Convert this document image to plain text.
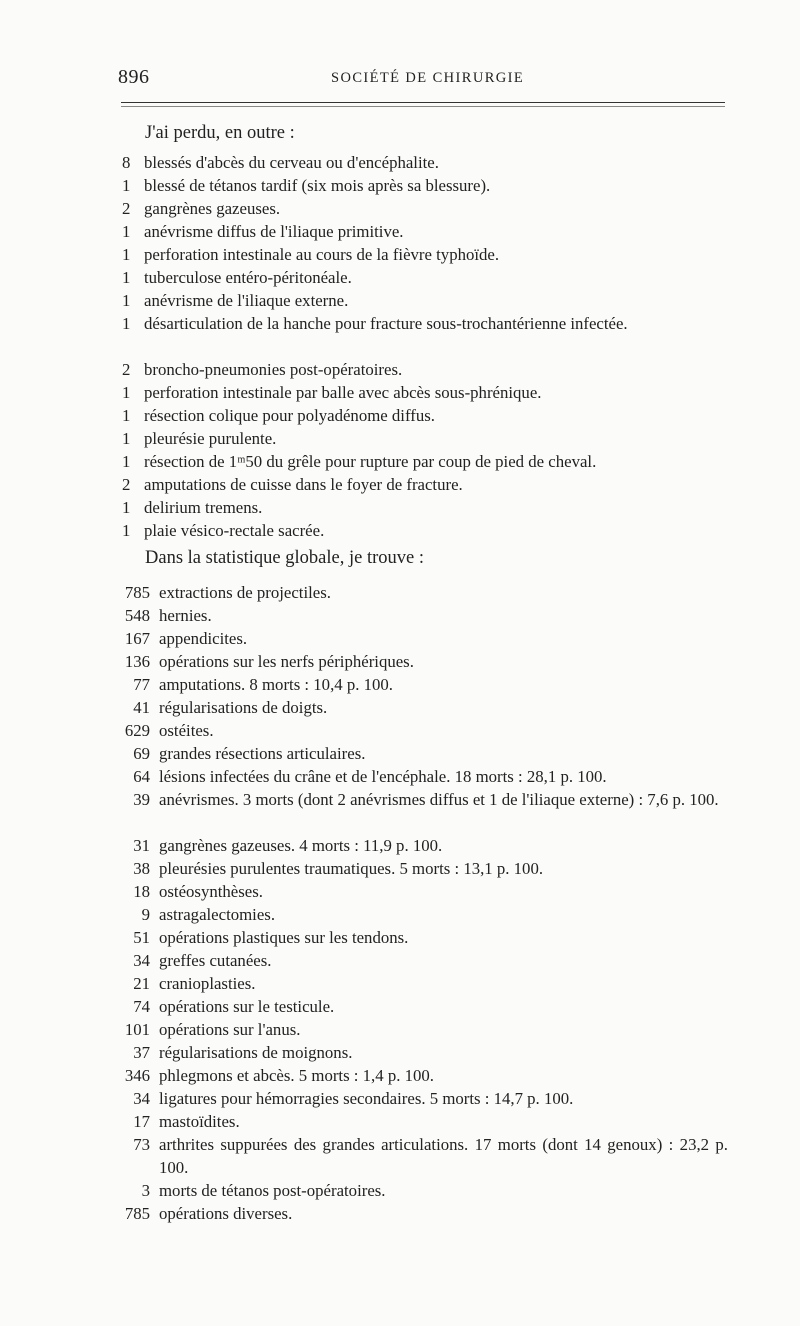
896	SOCIÉTÉ DE CHIRURGIE
J'ai perdu, en outre :
8 blessés d'abcès du cerveau ou d'encéphalite.
1 blessé de tétanos tardif (six mois après sa blessure).
2 gangrènes gazeuses.
1 anévrisme diffus de l'iliaque primitive.
1 perforation intestinale au cours de la fièvre typhoïde.
1 tuberculose entéro-péritonéale.
1 anévrisme de l'iliaque externe.
1 désarticulation de la hanche pour fracture sous-trochantérienne infectée.
2 broncho-pneumonies post-opératoires.
1 perforation intestinale par balle avec abcès sous-phrénique.
1 résection colique pour polyadénome diffus.
1 pleurésie purulente.
1 résection de 1ᵐ50 du grêle pour rupture par coup de pied de cheval.
2 amputations de cuisse dans le foyer de fracture.
1 delirium tremens.
1 plaie vésico-rectale sacrée.
Dans la statistique globale, je trouve :
785 extractions de projectiles.
548 hernies.
167 appendicites.
136 opérations sur les nerfs périphériques.
77 amputations. 8 morts : 10,4 p. 100.
41 régularisations de doigts.
629 ostéites.
69 grandes résections articulaires.
64 lésions infectées du crâne et de l'encéphale. 18 morts : 28,1 p. 100.
39 anévrismes. 3 morts (dont 2 anévrismes diffus et 1 de l'iliaque externe) : 7,6 p. 100.
31 gangrènes gazeuses. 4 morts : 11,9 p. 100.
38 pleurésies purulentes traumatiques. 5 morts : 13,1 p. 100.
18 ostéosynthèses.
9 astragalectomies.
51 opérations plastiques sur les tendons.
34 greffes cutanées.
21 cranioplasties.
74 opérations sur le testicule.
101 opérations sur l'anus.
37 régularisations de moignons.
346 phlegmons et abcès. 5 morts : 1,4 p. 100.
34 ligatures pour hémorragies secondaires. 5 morts : 14,7 p. 100.
17 mastoïdites.
73 arthrites suppurées des grandes articulations. 17 morts (dont 14 genoux) : 23,2 p. 100.
3 morts de tétanos post-opératoires.
785 opérations diverses.
